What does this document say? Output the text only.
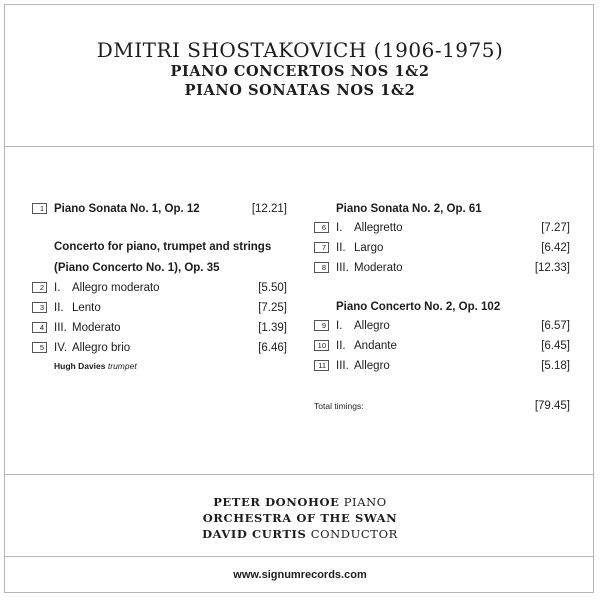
DMITRI SHOSTAKOVICH (1906-1975)
PIANO CONCERTOS NOS 1&2
PIANO SONATAS NOS 1&2
1 Piano Sonata No. 1, Op. 12	[12.21]
Concerto for piano, trumpet and strings
(Piano Concerto No. 1), Op. 35
2 I. Allegro moderato	[5.50]
3 II. Lento	[7.25]
4 III. Moderato	[1.39]
5 IV. Allegro brio	[6.46]
Hugh Davies trumpet
Piano Sonata No. 2, Op. 61
6 I. Allegretto	[7.27]
7 II. Largo	[6.42]
8 III. Moderato	[12.33]
Piano Concerto No. 2, Op. 102
9 I. Allegro	[6.57]
10 II. Andante	[6.45]
11 III. Allegro	[5.18]
Total timings:	[79.45]
PETER DONOHOE PIANO
ORCHESTRA OF THE SWAN
DAVID CURTIS CONDUCTOR
www.signumrecords.com
